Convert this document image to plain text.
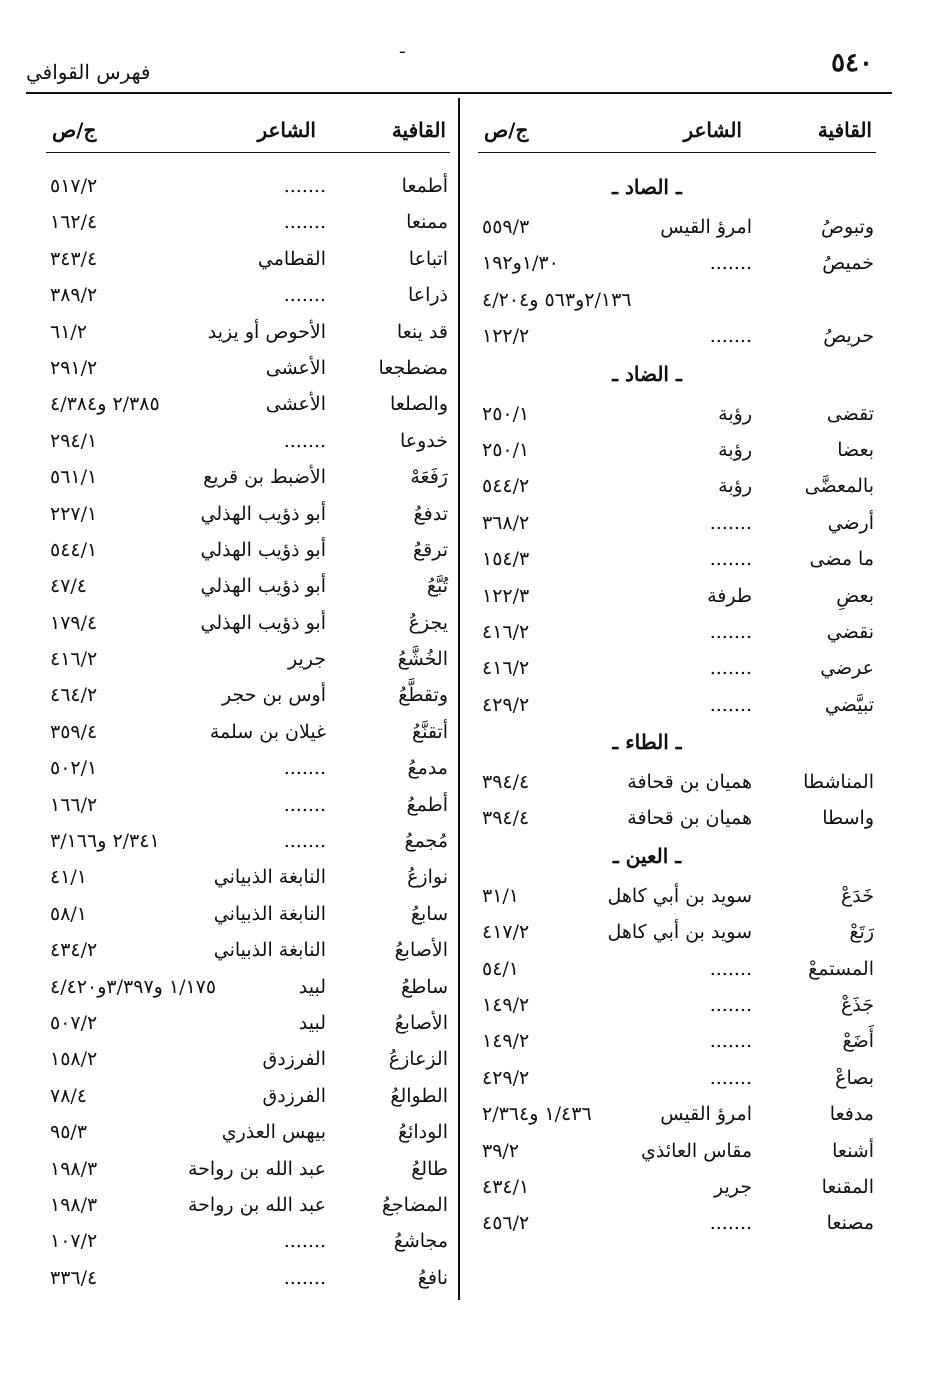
ـ
٥٤٠
فهرس القوافي
القافية
الشاعر
ج/ص
ـ الصاد ـ
وتبوصُ
امرؤ القيس
٥٥٩/٣
خميصُ
.......
١/٣٠و١٩٢
٢/١٣٦و٥٦٣ و٤/٢٠٤
حريصُ
.......
١٢٢/٢
ـ الضاد ـ
تقضى
رؤبة
٢٥٠/١
بعضا
رؤبة
٢٥٠/١
بالمعضَّى
رؤبة
٥٤٤/٢
أرضي
.......
٣٦٨/٢
ما مضى
.......
١٥٤/٣
بعضِ
طرفة
١٢٢/٣
نقضي
.......
٤١٦/٢
عرضي
.......
٤١٦/٢
تبيَّضي
.......
٤٢٩/٢
ـ الطاء ـ
المناشطا
هميان بن قحافة
٣٩٤/٤
واسطا
هميان بن قحافة
٣٩٤/٤
ـ العين ـ
خَدَعْ
سويد بن أبي كاهل
٣١/١
رَتَعْ
سويد بن أبي كاهل
٤١٧/٢
المستمعْ
.......
٥٤/١
جَذَعْ
.......
١٤٩/٢
أَضَعْ
.......
١٤٩/٢
بصاعْ
.......
٤٢٩/٢
مدفعا
امرؤ القيس
١/٤٣٦ و٢/٣٦٤
أشنعا
مقاس العائذي
٣٩/٢
المقنعا
جرير
٤٣٤/١
مصنعا
.......
٤٥٦/٢
القافية
الشاعر
ج/ص
أطمعا
.......
٥١٧/٢
ممنعا
.......
١٦٢/٤
اتباعا
القطامي
٣٤٣/٤
ذراعا
.......
٣٨٩/٢
قد ينعا
الأحوص أو يزيد
٦١/٢
مضطجعا
الأعشى
٢٩١/٢
والصلعا
الأعشى
٢/٣٨٥ و٤/٣٨٤
خدوعا
.......
٢٩٤/١
رَفَعَهْ
الأضبط بن قريع
٥٦١/١
تدفعُ
أبو ذؤيب الهذلي
٢٢٧/١
ترقعُ
أبو ذؤيب الهذلي
٥٤٤/١
تُبَّعُ
أبو ذؤيب الهذلي
٤٧/٤
يجزعُ
أبو ذؤيب الهذلي
١٧٩/٤
الخُشَّعُ
جرير
٤١٦/٢
وتقطَّعُ
أوس بن حجر
٤٦٤/٢
أتقنَّعُ
غيلان بن سلمة
٣٥٩/٤
مدمعُ
.......
٥٠٢/١
أطمعُ
.......
١٦٦/٢
مُجمعُ
.......
٢/٣٤١ و٣/١٦٦
نوازعُ
النابغة الذبياني
٤١/١
سابعُ
النابغة الذبياني
٥٨/١
الأصابعُ
النابغة الذبياني
٤٣٤/٢
ساطعُ
لبيد
١/١٧٥ و٣/٣٩٧و٤/٤٢٠
الأصابعُ
لبيد
٥٠٧/٢
الزعازعُ
الفرزدق
١٥٨/٢
الطوالعُ
الفرزدق
٧٨/٤
الودائعُ
بيهس العذري
٩٥/٣
طالعُ
عبد الله بن رواحة
١٩٨/٣
المضاجعُ
عبد الله بن رواحة
١٩٨/٣
مجاشعُ
.......
١٠٧/٢
نافعُ
.......
٣٣٦/٤
